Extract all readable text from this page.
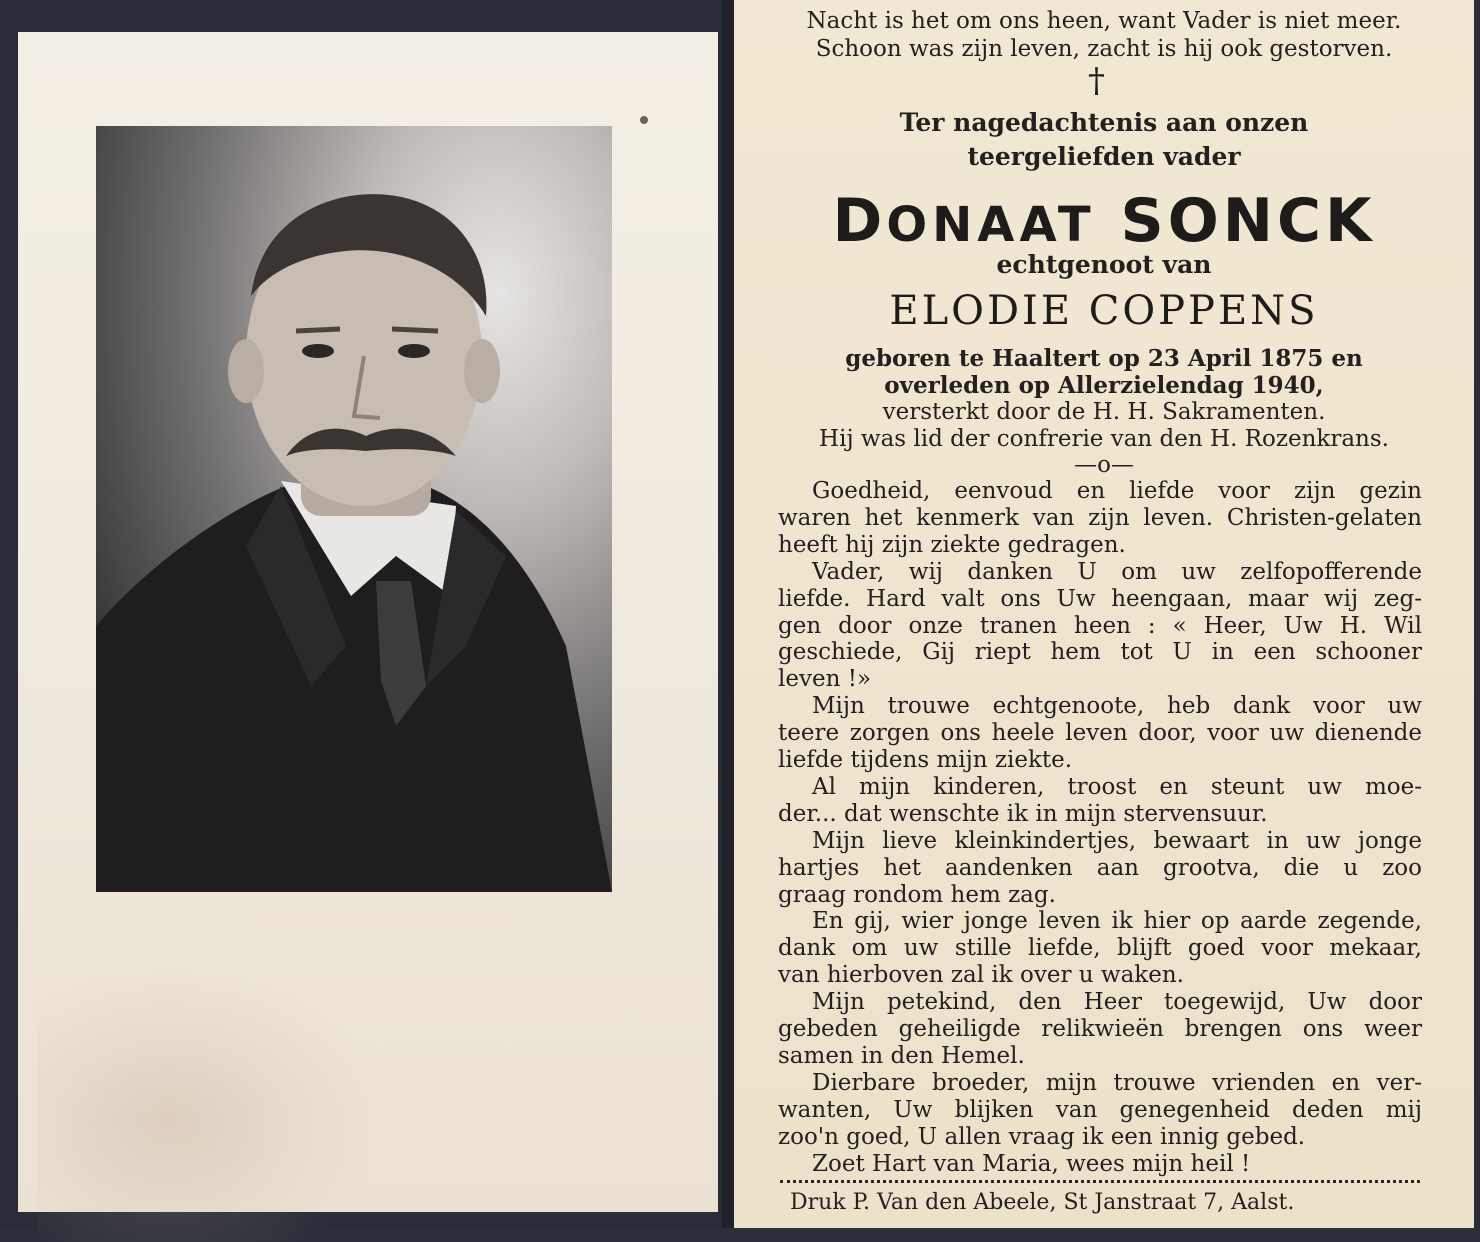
Nacht is het om ons heen, want Vader is niet meer.
Schoon was zijn leven, zacht is hij ook gestorven.
†
Ter nagedachtenis aan onzen
teergeliefden vader
DONAAT SONCK
echtgenoot van
ELODIE COPPENS
geboren te Haaltert op 23 April 1875 en
overleden op Allerzielendag 1940,
versterkt door de H. H. Sakramenten.
Hij was lid der confrerie van den H. Rozenkrans.
—o—
Goedheid, eenvoud en liefde voor zijn gezin
waren het kenmerk van zijn leven. Christen-gelaten
heeft hij zijn ziekte gedragen.
Vader, wij danken U om uw zelfopofferende
liefde. Hard valt ons Uw heengaan, maar wij zeg-
gen door onze tranen heen : « Heer, Uw H. Wil
geschiede, Gij riept hem tot U in een schooner
leven !»
Mijn trouwe echtgenoote, heb dank voor uw
teere zorgen ons heele leven door, voor uw dienende
liefde tijdens mijn ziekte.
Al mijn kinderen, troost en steunt uw moe-
der... dat wenschte ik in mijn stervensuur.
Mijn lieve kleinkindertjes, bewaart in uw jonge
hartjes het aandenken aan grootva, die u zoo
graag rondom hem zag.
En gij, wier jonge leven ik hier op aarde zegende,
dank om uw stille liefde, blijft goed voor mekaar,
van hierboven zal ik over u waken.
Mijn petekind, den Heer toegewijd, Uw door
gebeden geheiligde relikwieën brengen ons weer
samen in den Hemel.
Dierbare broeder, mijn trouwe vrienden en ver-
wanten, Uw blijken van genegenheid deden mij
zoo'n goed, U allen vraag ik een innig gebed.
Zoet Hart van Maria, wees mijn heil !
Druk P. Van den Abeele, St Janstraat 7, Aalst.
